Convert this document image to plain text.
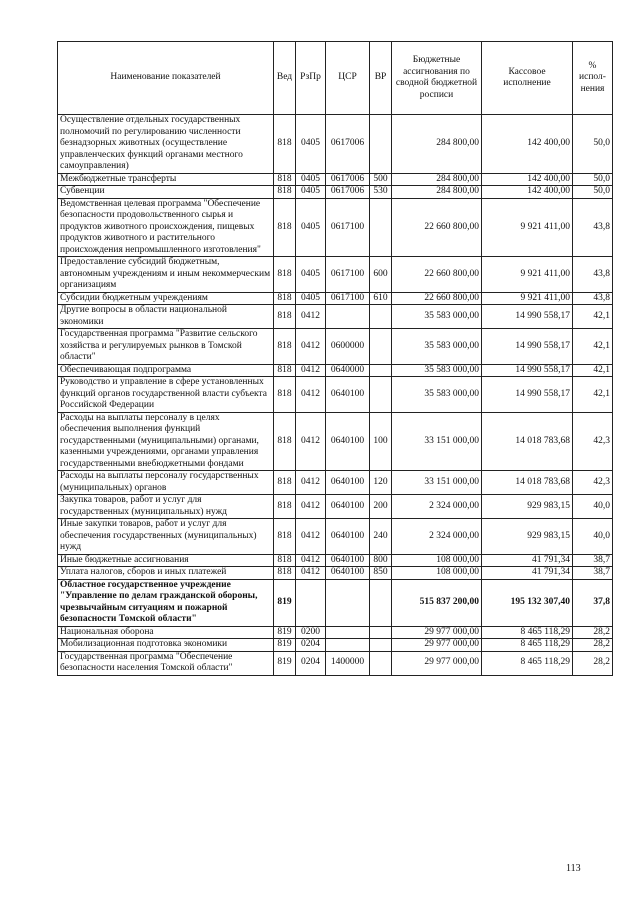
Наименование показателей	Вед	РзПр	ЦСР	ВР	Бюджетные ассигнования по сводной бюджетной росписи	Кассовое исполнение	% испол-нения
Осуществление отдельных государственных полномочий по регулированию численности безнадзорных животных (осуществление управленческих функций органами местного самоуправления)	818	0405	0617006		284 800,00	142 400,00	50,0
Межбюджетные трансферты	818	0405	0617006	500	284 800,00	142 400,00	50,0
Субвенции	818	0405	0617006	530	284 800,00	142 400,00	50,0
Ведомственная целевая программа "Обеспечение безопасности продовольственного сырья и продуктов животного происхождения, пищевых продуктов животного и растительного происхождения непромышленного изготовления"	818	0405	0617100		22 660 800,00	9 921 411,00	43,8
Предоставление субсидий бюджетным, автономным учреждениям и иным некоммерческим организациям	818	0405	0617100	600	22 660 800,00	9 921 411,00	43,8
Субсидии бюджетным учреждениям	818	0405	0617100	610	22 660 800,00	9 921 411,00	43,8
Другие вопросы в области национальной экономики	818	0412			35 583 000,00	14 990 558,17	42,1
Государственная программа "Развитие сельского хозяйства и регулируемых рынков в Томской области"	818	0412	0600000		35 583 000,00	14 990 558,17	42,1
Обеспечивающая подпрограмма	818	0412	0640000		35 583 000,00	14 990 558,17	42,1
Руководство и управление в сфере установленных функций органов государственной власти субъекта Российской Федерации	818	0412	0640100		35 583 000,00	14 990 558,17	42,1
Расходы на выплаты персоналу в целях обеспечения выполнения функций государственными (муниципальными) органами, казенными учреждениями, органами управления государственными внебюджетными фондами	818	0412	0640100	100	33 151 000,00	14 018 783,68	42,3
Расходы на выплаты персоналу государственных (муниципальных) органов	818	0412	0640100	120	33 151 000,00	14 018 783,68	42,3
Закупка товаров, работ и услуг для государственных (муниципальных) нужд	818	0412	0640100	200	2 324 000,00	929 983,15	40,0
Иные закупки товаров, работ и услуг для обеспечения государственных (муниципальных) нужд	818	0412	0640100	240	2 324 000,00	929 983,15	40,0
Иные бюджетные ассигнования	818	0412	0640100	800	108 000,00	41 791,34	38,7
Уплата налогов, сборов и иных платежей	818	0412	0640100	850	108 000,00	41 791,34	38,7
Областное государственное учреждение "Управление по делам гражданской обороны, чрезвычайным ситуациям и пожарной безопасности Томской области"	819				515 837 200,00	195 132 307,40	37,8
Национальная оборона	819	0200			29 977 000,00	8 465 118,29	28,2
Мобилизационная подготовка экономики	819	0204			29 977 000,00	8 465 118,29	28,2
Государственная программа "Обеспечение безопасности населения Томской области"	819	0204	1400000		29 977 000,00	8 465 118,29	28,2
113
